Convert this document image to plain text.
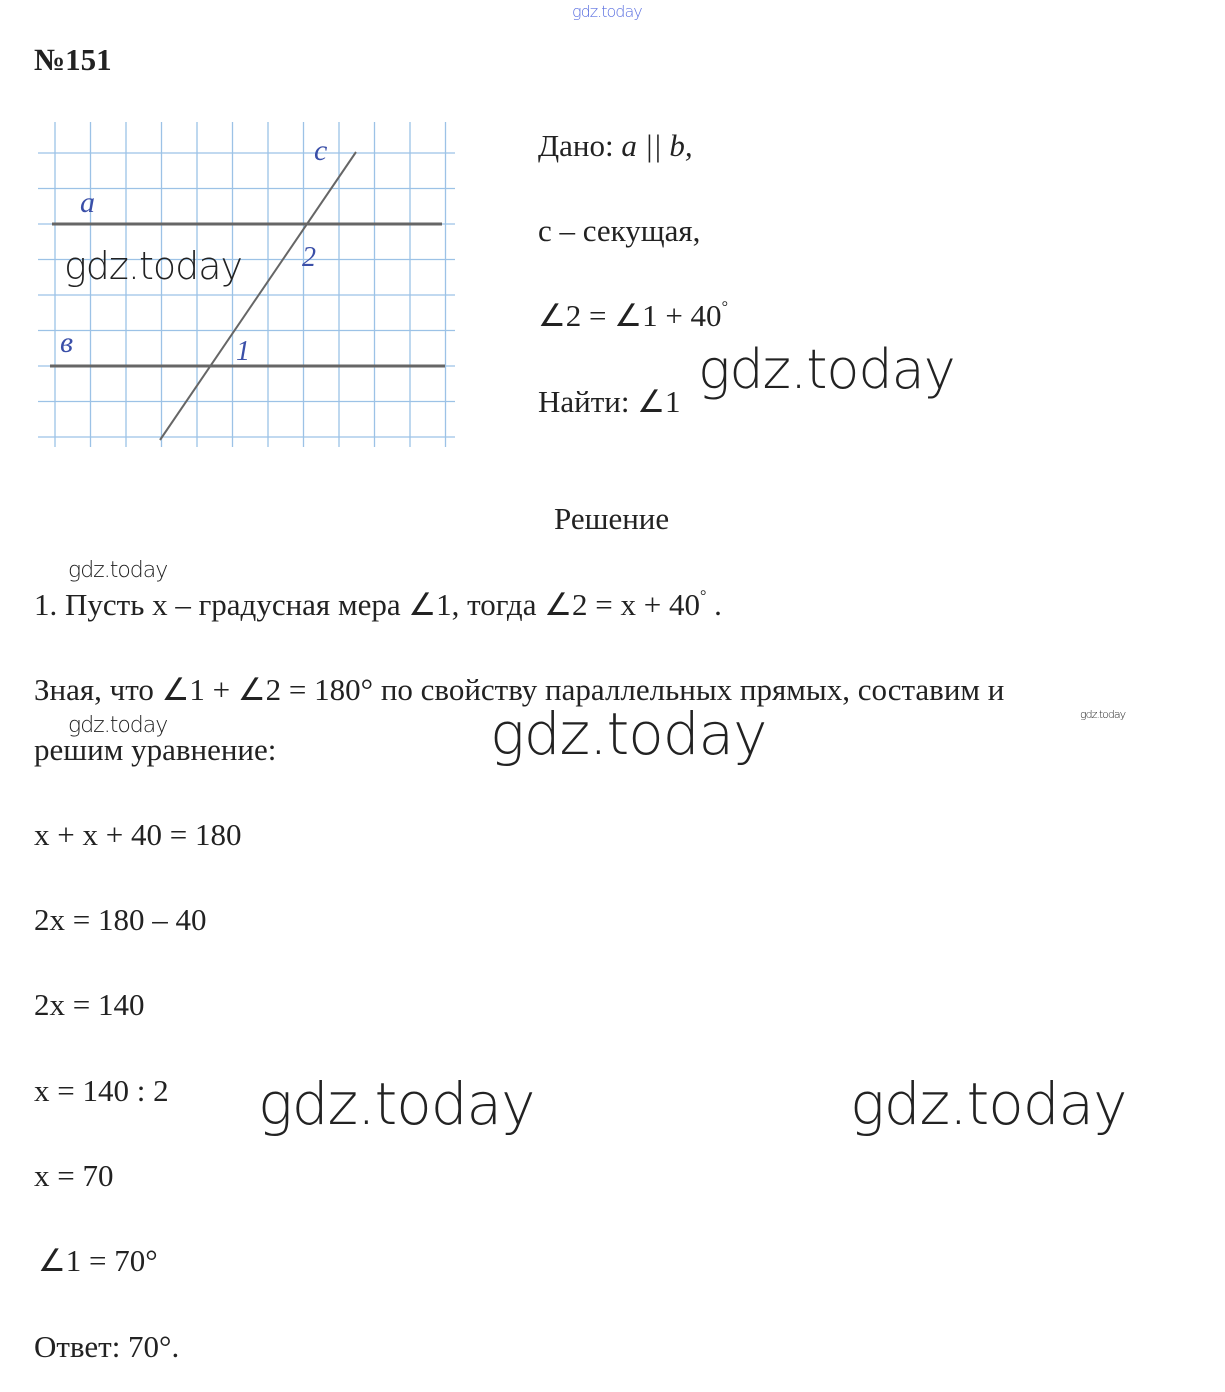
gdz.today
№151
c
a
в
2
1
gdz.today
Дано: a || b,
c – секущая,
∠2 = ∠1 + 40°
Найти: ∠1
gdz.today
Решение
gdz.today
1. Пусть x – градусная мера ∠1, тогда ∠2 = x + 40° .
Зная, что ∠1 + ∠2 = 180° по свойству параллельных прямых, составим и
gdz.today
gdz.today
решим уравнение:	gdz.today
x + x + 40 = 180
2x = 180 – 40
2x = 140
x = 140 : 2
x = 70
∠1 = 70°
gdz.today	gdz.today
Ответ: 70°.
